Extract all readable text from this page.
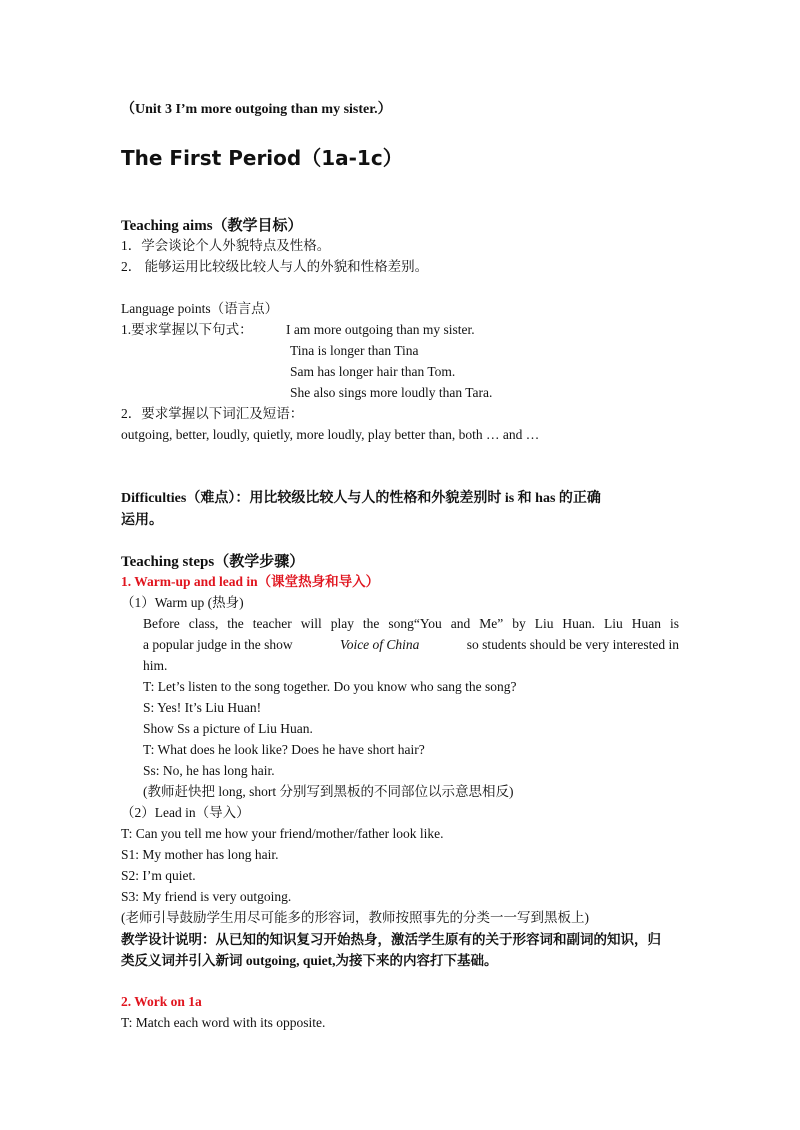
（Unit 3 I’m more outgoing than my sister.）
The First Period（1a-1c）
Teaching aims（教学目标）
1．学会谈论个人外貌特点及性格。
2． 能够运用比较级比较人与人的外貌和性格差别。
Language points（语言点）
1.要求掌握以下句式： I am more outgoing than my sister.
Tina is longer than Tina
Sam has longer hair than Tom.
She also sings more loudly than Tara.
2．要求掌握以下词汇及短语：
outgoing, better, loudly, quietly, more loudly, play better than, both … and …
Difficulties（难点）：用比较级比较人与人的性格和外貌差别时 is 和 has 的正确
运用。
Teaching steps（教学步骤）
1. Warm-up and lead in（课堂热身和导入）
（1）Warm up (热身)
Before class, the teacher will play the song“You and Me” by Liu Huan. Liu Huan is
a popular judge in the show	Voice of China	so students should be very interested in
him.
T: Let’s listen to the song together. Do you know who sang the song?
S: Yes! It’s Liu Huan!
Show Ss a picture of Liu Huan.
T: What does he look like? Does he have short hair?
Ss: No, he has long hair.
(教师赶快把 long, short 分别写到黑板的不同部位以示意思相反)
（2）Lead in（导入）
T: Can you tell me how your friend/mother/father look like.
S1: My mother has long hair.
S2: I’m quiet.
S3: My friend is very outgoing.
(老师引导鼓励学生用尽可能多的形容词，教师按照事先的分类一一写到黑板上)
教学设计说明：从已知的知识复习开始热身，激活学生原有的关于形容词和副词的知识，归
类反义词并引入新词 outgoing, quiet,为接下来的内容打下基础。
2. Work on 1a
T: Match each word with its opposite.
